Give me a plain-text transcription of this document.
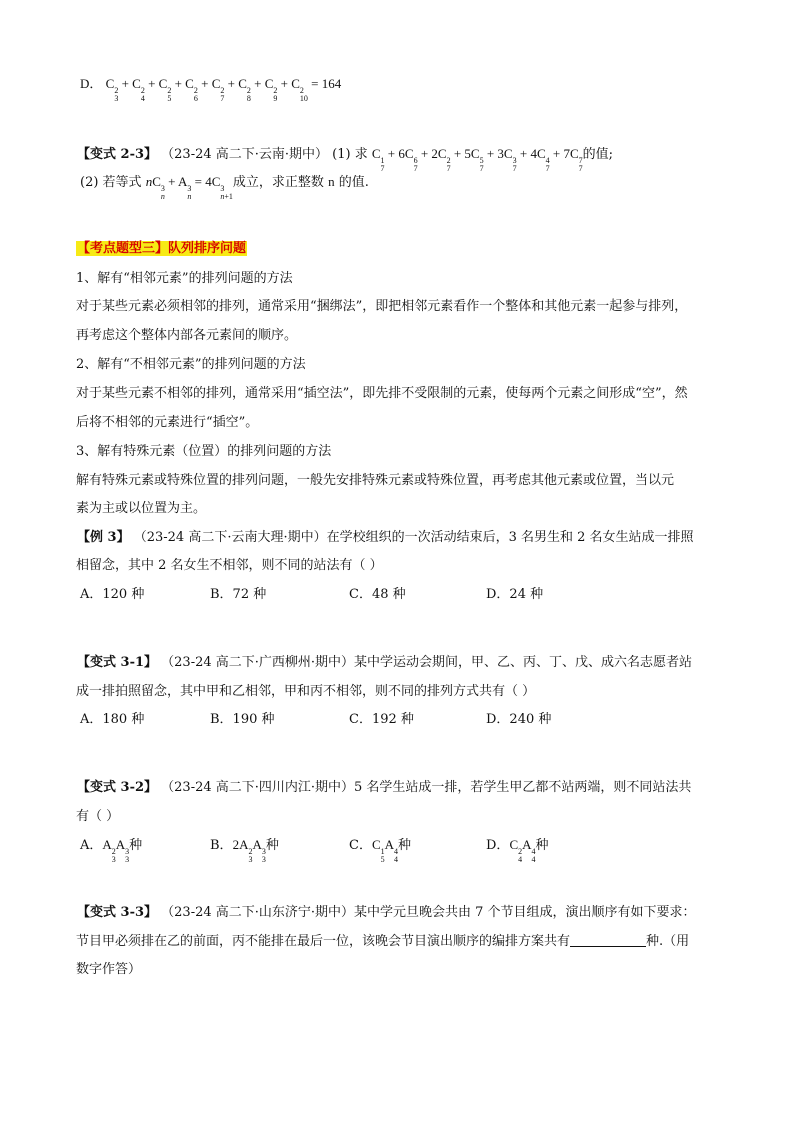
D． C 2
3
+ C 2
4
+ C 2
5
+ C 2
6
+ C 2
7
+ C 2
8
+ C 2
9
+ C 2
10
= 164
【变式 2-3】 （23-24 高二下·云南·期中） (1) 求 C 1
7
+ 6C 6
7
+ 2C 2
7
+ 5C 5
7
+ 3C 3
7
+ 4C 4
7
+ 7C 7
7
的值;
(2) 若等式 nC 3
n
+ A 3
n
= 4C 3
n+1
成立，求正整数 n 的值.
【考点题型三】队列排序问题
1、解有“相邻元素”的排列问题的方法
对于某些元素必须相邻的排列，通常采用“捆绑法”，即把相邻元素看作一个整体和其他元素一起参与排列，
再考虑这个整体内部各元素间的顺序。
2、解有“不相邻元素”的排列问题的方法
对于某些元素不相邻的排列，通常采用“插空法”，即先排不受限制的元素，使每两个元素之间形成“空”，然
后将不相邻的元素进行“插空”。
3、解有特殊元素（位置）的排列问题的方法
解有特殊元素或特殊位置的排列问题，一般先安排特殊元素或特殊位置，再考虑其他元素或位置，当以元
素为主或以位置为主。
【例 3】 （23-24 高二下·云南大理·期中）在学校组织的一次活动结束后，3 名男生和 2 名女生站成一排照
相留念，其中 2 名女生不相邻，则不同的站法有（ ）
A．120 种	B．72 种	C．48 种	D．24 种
【变式 3-1】 （23-24 高二下·广西柳州·期中）某中学运动会期间，甲、乙、丙、丁、戊、成六名志愿者站
成一排拍照留念，其中甲和乙相邻，甲和丙不相邻，则不同的排列方式共有（ ）
A．180 种	B．190 种	C．192 种	D．240 种
【变式 3-2】 （23-24 高二下·四川内江·期中）5 名学生站成一排，若学生甲乙都不站两端，则不同站法共
有（ ）
A．A 2
3
A 3
3
种	B．2A 2
3
A 3
3
种	C．C 1
5
A 4
4
种	D．C 2
4
A 4
4
种
【变式 3-3】 （23-24 高二下·山东济宁·期中）某中学元旦晚会共由 7 个节目组成，演出顺序有如下要求：
节目甲必须排在乙的前面，丙不能排在最后一位，该晚会节目演出顺序的编排方案共有	种.（用
数字作答）
